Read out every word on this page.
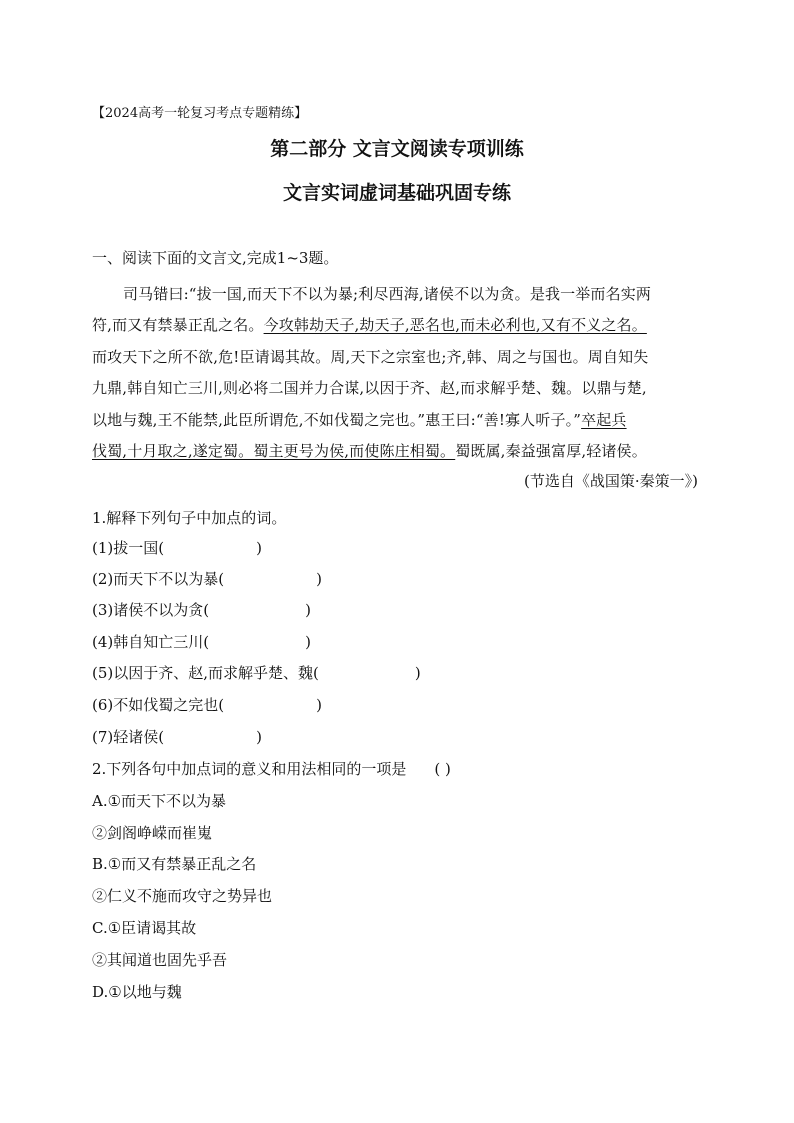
【2024高考一轮复习考点专题精练】
第二部分 文言文阅读专项训练
文言实词虚词基础巩固专练
一、阅读下面的文言文,完成1~3题。
司马错曰:“拔一国,而天下不以为暴;利尽西海,诸侯不以为贪。是我一举而名实两
符,而又有禁暴正乱之名。今攻韩劫天子,劫天子,恶名也,而未必利也,又有不义之名。
而攻天下之所不欲,危!臣请谒其故。周,天下之宗室也;齐,韩、周之与国也。周自知失
九鼎,韩自知亡三川,则必将二国并力合谋,以因于齐、赵,而求解乎楚、魏。以鼎与楚,
以地与魏,王不能禁,此臣所谓危,不如伐蜀之完也。”惠王曰:“善!寡人听子。”卒起兵
伐蜀,十月取之,遂定蜀。蜀主更号为侯,而使陈庄相蜀。蜀既属,秦益强富厚,轻诸侯。
(节选自《战国策·秦策一》)
1.解释下列句子中加点的词。
(1)拔一国(	)
(2)而天下不以为暴(	)
(3)诸侯不以为贪(	)
(4)韩自知亡三川(	)
(5)以因于齐、赵,而求解乎楚、魏(	)
(6)不如伐蜀之完也(	)
(7)轻诸侯(	)
2.下列各句中加点词的意义和用法相同的一项是 ( )
A.①而天下不以为暴
②剑阁峥嵘而崔嵬
B.①而又有禁暴正乱之名
②仁义不施而攻守之势异也
C.①臣请谒其故
②其闻道也固先乎吾
D.①以地与魏
